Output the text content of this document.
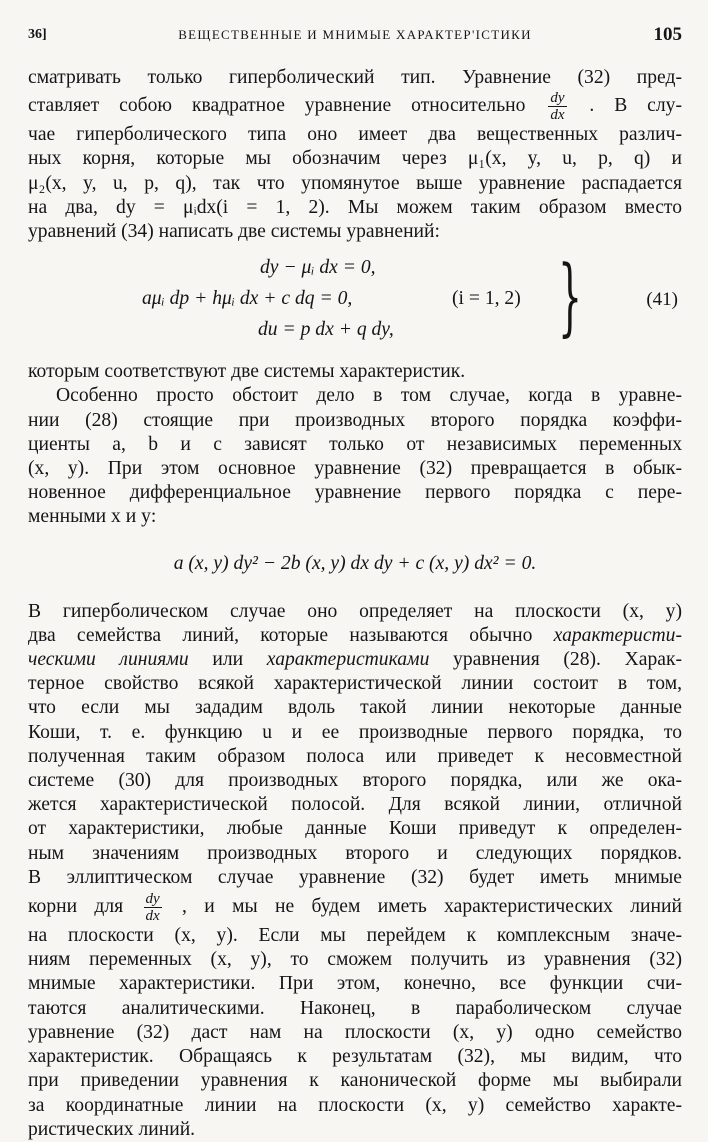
36]	ВЕЩЕСТВЕННЫЕ И МНИМЫЕ ХАРАКТЕР'ІСТИКИ	105
сматривать только гиперболический тип. Уравнение (32) пред-
ставляет собою квадратное уравнение относительно $\frac{dy}{dx}$ . В слу-
чае гиперболического типа оно имеет два вещественных различ-
ных корня, которые мы обозначим через μ₁(x, y, u, p, q) и
μ₂(x, y, u, p, q), так что упомянутое выше уравнение распадается
на два, dy = μᵢdx(i = 1, 2). Мы можем таким образом вместо
уравнений (34) написать две системы уравнений:
dy − μᵢ dx = 0,
aμᵢ dp + hμᵢ dx + c dq = 0,	(i = 1, 2)
du = p dx + q dy, }	(41)
которым соответствуют две системы характеристик.
Особенно просто обстоит дело в том случае, когда в уравне-
нии (28) стоящие при производных второго порядка коэффи-
циенты a, b и c зависят только от независимых переменных
(x, y). При этом основное уравнение (32) превращается в обык-
новенное дифференциальное уравнение первого порядка с пере-
менными x и y:
a (x, y) dy² − 2b (x, y) dx dy + c (x, y) dx² = 0.
В гиперболическом случае оно определяет на плоскости (x, y)
два семейства линий, которые называются обычно характеристи-
ческими линиями или характеристиками уравнения (28). Харак-
терное свойство всякой характеристической линии состоит в том,
что если мы зададим вдоль такой линии некоторые данные
Коши, т. е. функцию u и ее производные первого порядка, то
полученная таким образом полоса или приведет к несовместной
системе (30) для производных второго порядка, или же ока-
жется характеристической полосой. Для всякой линии, отличной
от характеристики, любые данные Коши приведут к определен-
ным значениям производных второго и следующих порядков.
В эллиптическом случае уравнение (32) будет иметь мнимые
корни для $\frac{dy}{dx}$ , и мы не будем иметь характеристических линий
на плоскости (x, y). Если мы перейдем к комплексным значе-
ниям переменных (x, y), то сможем получить из уравнения (32)
мнимые характеристики. При этом, конечно, все функции счи-
таются аналитическими. Наконец, в параболическом случае
уравнение (32) даст нам на плоскости (x, y) одно семейство
характеристик. Обращаясь к результатам (32), мы видим, что
при приведении уравнения к канонической форме мы выбирали
за координатные линии на плоскости (x, y) семейство характе-
ристических линий.
